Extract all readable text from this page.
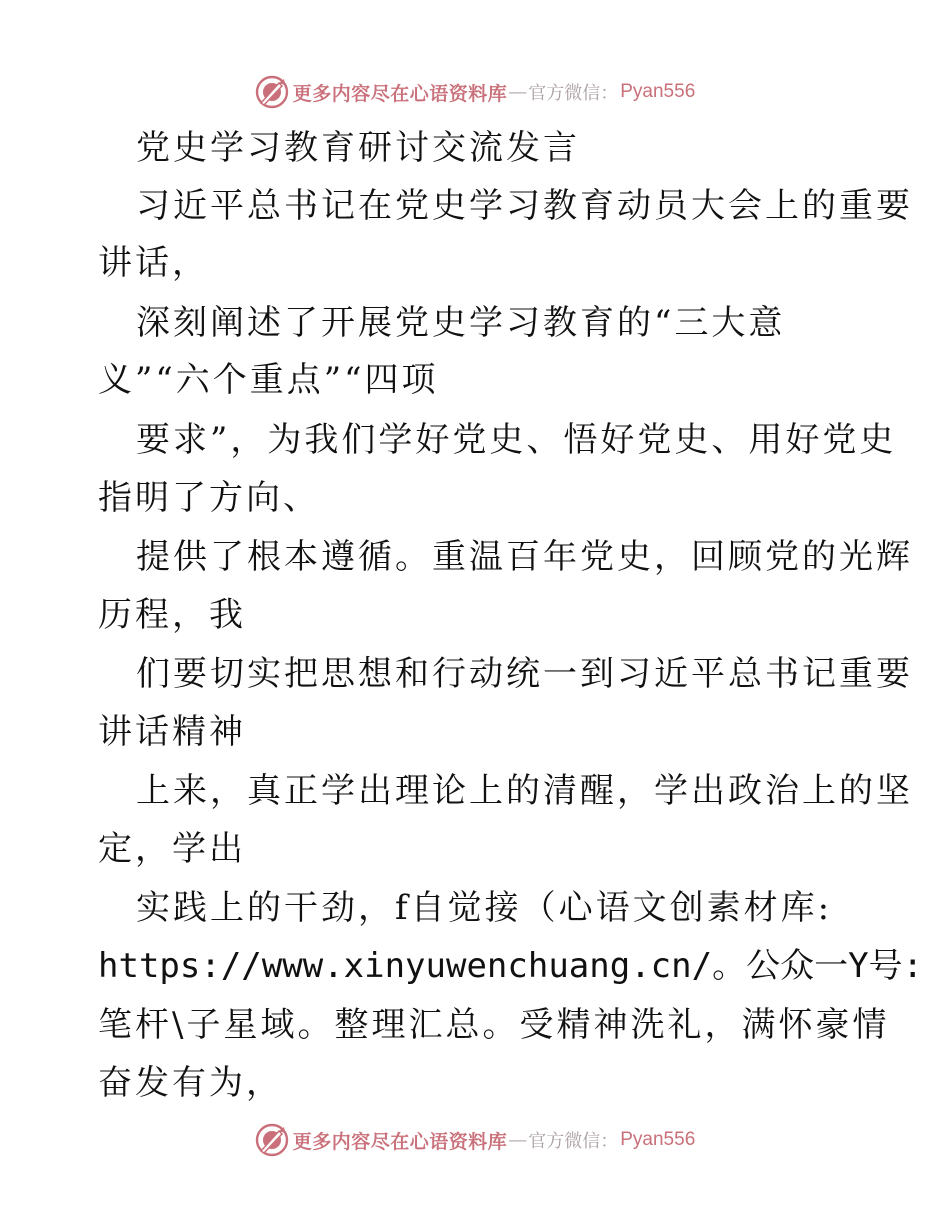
更多内容尽在心语资料库 — 官方微信： Pyan556
党史学习教育研讨交流发言
习近平总书记在党史学习教育动员大会上的重要
讲话，
深刻阐述了开展党史学习教育的“三大意
义”“六个重点”“四项
要求”，为我们学好党史、悟好党史、用好党史
指明了方向、
提供了根本遵循。重温百年党史，回顾党的光辉
历程，我
们要切实把思想和行动统一到习近平总书记重要
讲话精神
上来，真正学出理论上的清醒，学出政治上的坚
定，学出
实践上的干劲，f自觉接（心语文创素材库:
https://www.xinyuwenchuang.cn/。公众一Y号:
笔杆\子星域。整理汇总。受精神洗礼，满怀豪情
奋发有为，
更多内容尽在心语资料库 — 官方微信： Pyan556
